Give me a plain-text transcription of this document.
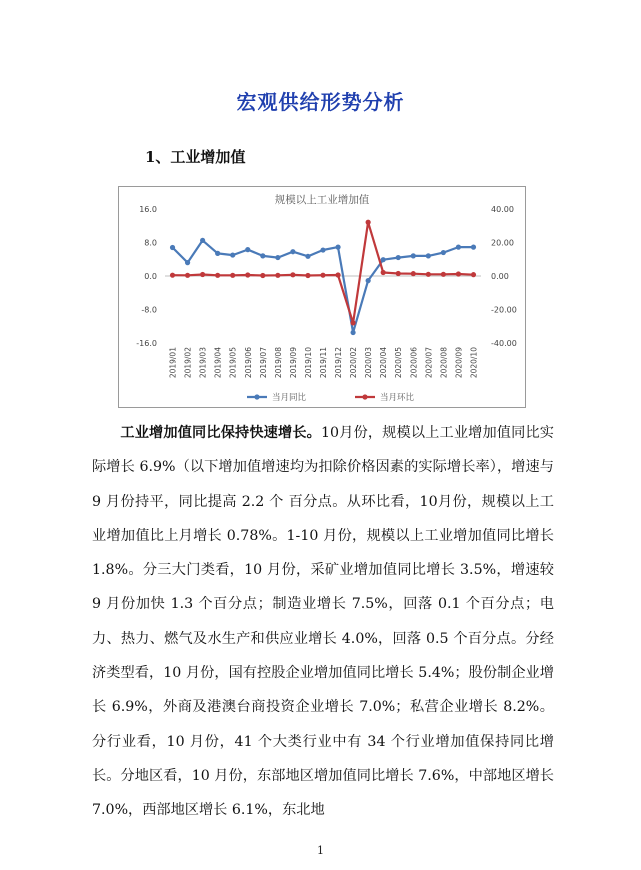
宏观供给形势分析
1、工业增加值
规模以上工业增加值
16.0
8.0
0.0
-8.0
-16.0
40.00
20.00
0.00
-20.00
-40.00
2019/01 2019/02 2019/03 2019/04 2019/05 2019/06 2019/07 2019/08 2019/09 2019/10 2019/11 2019/12 2020/02 2020/03 2020/04 2020/05 2020/06 2020/07 2020/08 2020/09 2020/10
当月同比	当月环比

工业增加值同比保持快速增长。10月份，规模以上工业增加值同比实际增长 6.9%（以下增加值增速均为扣除价格因素的实际增长率），增速与 9 月份持平，同比提高 2.2 个 百分点。从环比看，10月份，规模以上工业增加值比上月增长 0.78%。1-10 月份，规模以上工业增加值同比增长 1.8%。分三大门类看，10 月份，采矿业增加值同比增长 3.5%，增速较 9 月份加快 1.3 个百分点；制造业增长 7.5%，回落 0.1 个百分点；电力、热力、燃气及水生产和供应业增长 4.0%，回落 0.5 个百分点。分经济类型看，10 月份，国有控股企业增加值同比增长 5.4%；股份制企业增长 6.9%，外商及港澳台商投资企业增长 7.0%；私营企业增长 8.2%。分行业看，10 月份，41 个大类行业中有 34 个行业增加值保持同比增长。分地区看，10 月份，东部地区增加值同比增长 7.6%，中部地区增长 7.0%，西部地区增长 6.1%，东北地

1
